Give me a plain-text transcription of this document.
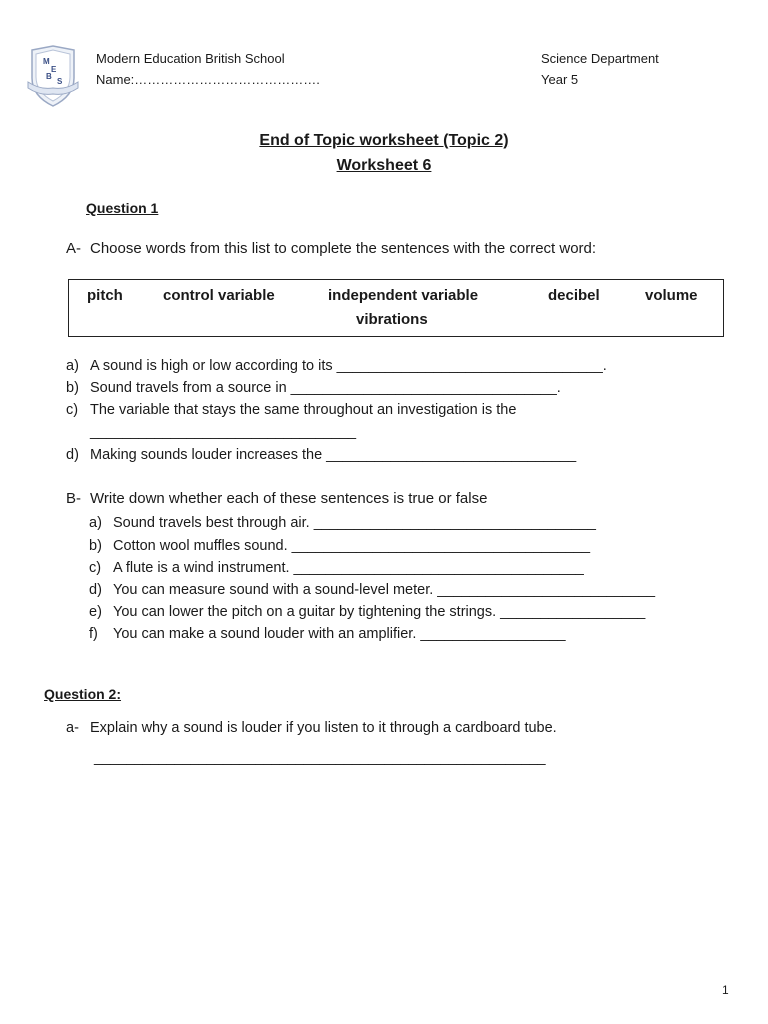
M
E
B
S
Modern Education British School
Name:…………………………………….
Science Department
Year 5
End of Topic worksheet (Topic 2)
Worksheet 6
Question 1
A- Choose words from this list to complete the sentences with the correct word:
pitch	control variable	independent variable	decibel	volume
vibrations
a) A sound is high or low according to its _________________________________.
b) Sound travels from a source in _________________________________.
c) The variable that stays the same throughout an investigation is the
_________________________________
d) Making sounds louder increases the _______________________________
B- Write down whether each of these sentences is true or false
a) Sound travels best through air. ___________________________________
b) Cotton wool muffles sound. _____________________________________
c) A flute is a wind instrument. ____________________________________
d) You can measure sound with a sound-level meter. ___________________________
e) You can lower the pitch on a guitar by tightening the strings. __________________
f) You can make a sound louder with an amplifier. __________________
Question 2:
a- Explain why a sound is louder if you listen to it through a cardboard tube.
________________________________________________________
1
